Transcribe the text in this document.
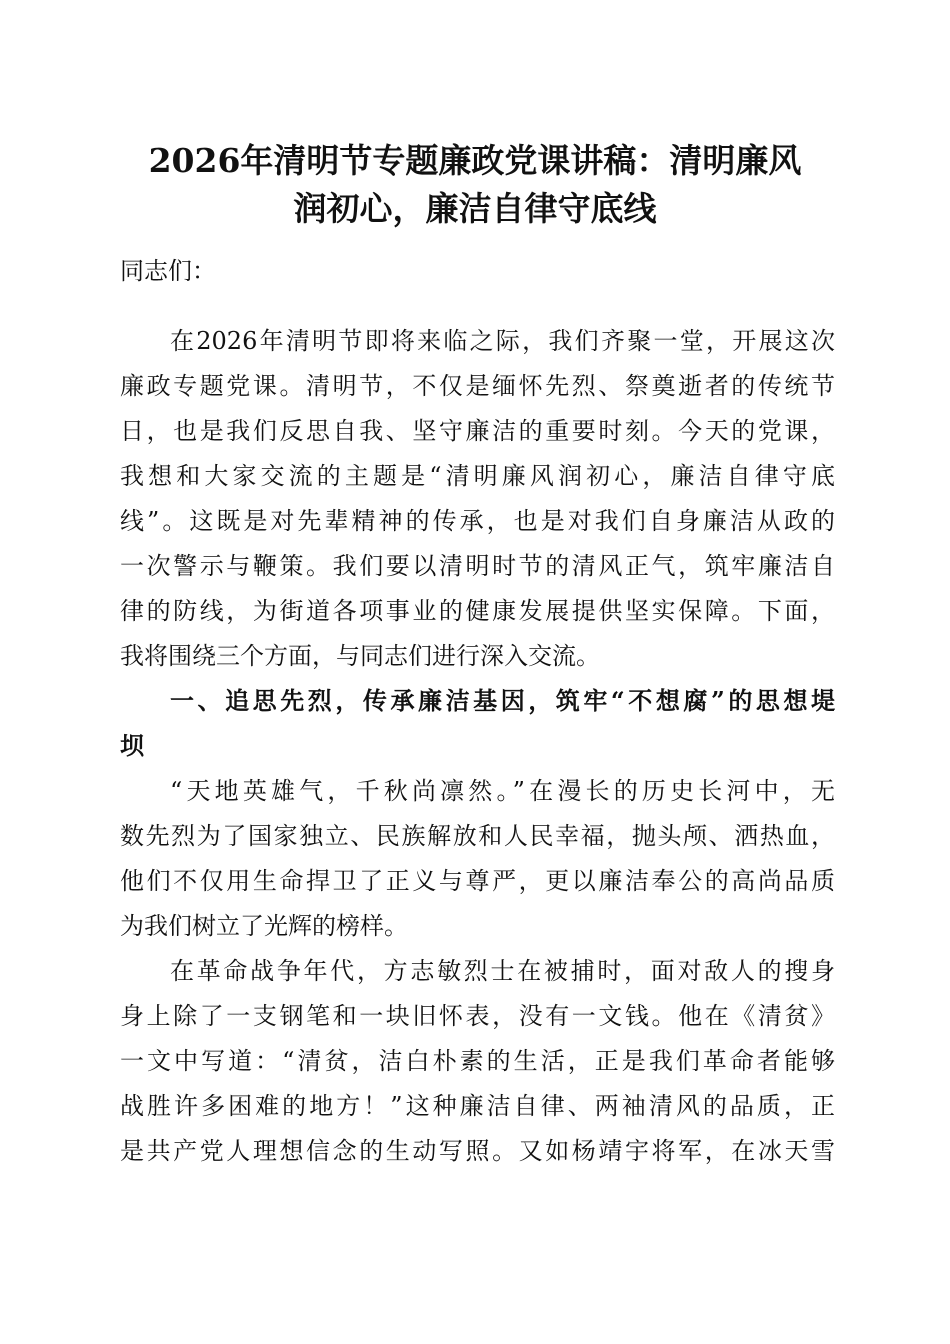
2026年清明节专题廉政党课讲稿：清明廉风
润初心，廉洁自律守底线
同志们：
在2026年清明节即将来临之际，我们齐聚一堂，开展这次
廉政专题党课。清明节，不仅是缅怀先烈、祭奠逝者的传统节
日，也是我们反思自我、坚守廉洁的重要时刻。今天的党课，
我想和大家交流的主题是“清明廉风润初心，廉洁自律守底
线”。这既是对先辈精神的传承，也是对我们自身廉洁从政的
一次警示与鞭策。我们要以清明时节的清风正气，筑牢廉洁自
律的防线，为街道各项事业的健康发展提供坚实保障。下面，
我将围绕三个方面，与同志们进行深入交流。
一、追思先烈，传承廉洁基因，筑牢“不想腐”的思想堤
坝
“天地英雄气，千秋尚凛然。”在漫长的历史长河中，无
数先烈为了国家独立、民族解放和人民幸福，抛头颅、洒热血，
他们不仅用生命捍卫了正义与尊严，更以廉洁奉公的高尚品质
为我们树立了光辉的榜样。
在革命战争年代，方志敏烈士在被捕时，面对敌人的搜身
身上除了一支钢笔和一块旧怀表，没有一文钱。他在《清贫》
一文中写道：“清贫，洁白朴素的生活，正是我们革命者能够
战胜许多困难的地方！”这种廉洁自律、两袖清风的品质，正
是共产党人理想信念的生动写照。又如杨靖宇将军，在冰天雪
